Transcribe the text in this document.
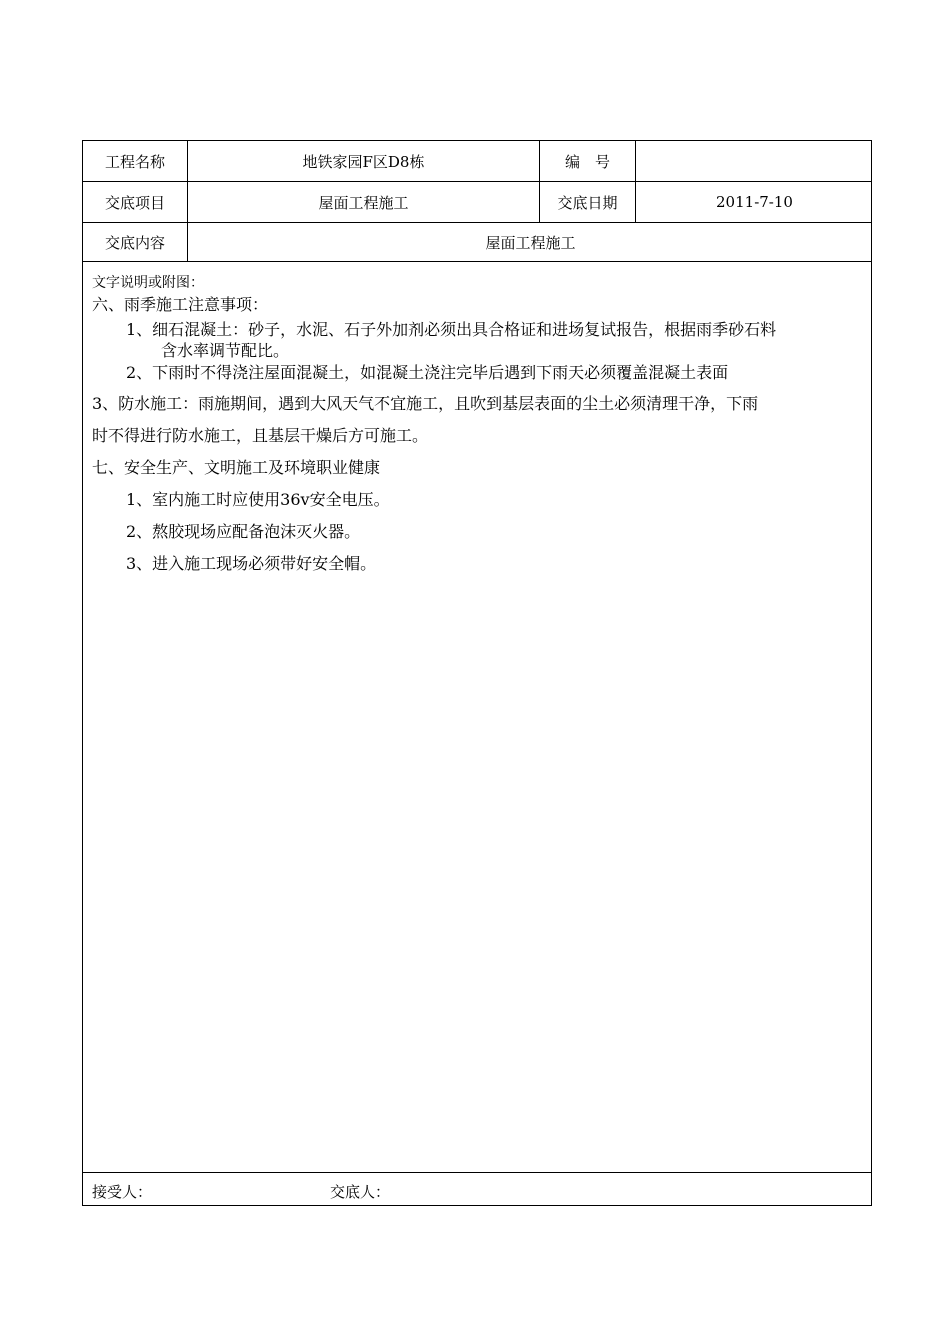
工程名称	地铁家园F区D8栋	编　号
交底项目	屋面工程施工	交底日期	2011-7-10
交底内容	屋面工程施工
文字说明或附图：
六、雨季施工注意事项：
1、细石混凝土：砂子，水泥、石子外加剂必须出具合格证和进场复试报告，根据雨季砂石料
含水率调节配比。
2、下雨时不得浇注屋面混凝土，如混凝土浇注完毕后遇到下雨天必须覆盖混凝土表面
3、防水施工：雨施期间，遇到大风天气不宜施工，且吹到基层表面的尘土必须清理干净，下雨
时不得进行防水施工，且基层干燥后方可施工。
七、安全生产、文明施工及环境职业健康
1、室内施工时应使用36v安全电压。
2、熬胶现场应配备泡沫灭火器。
3、进入施工现场必须带好安全帽。
接受人：	交底人：
